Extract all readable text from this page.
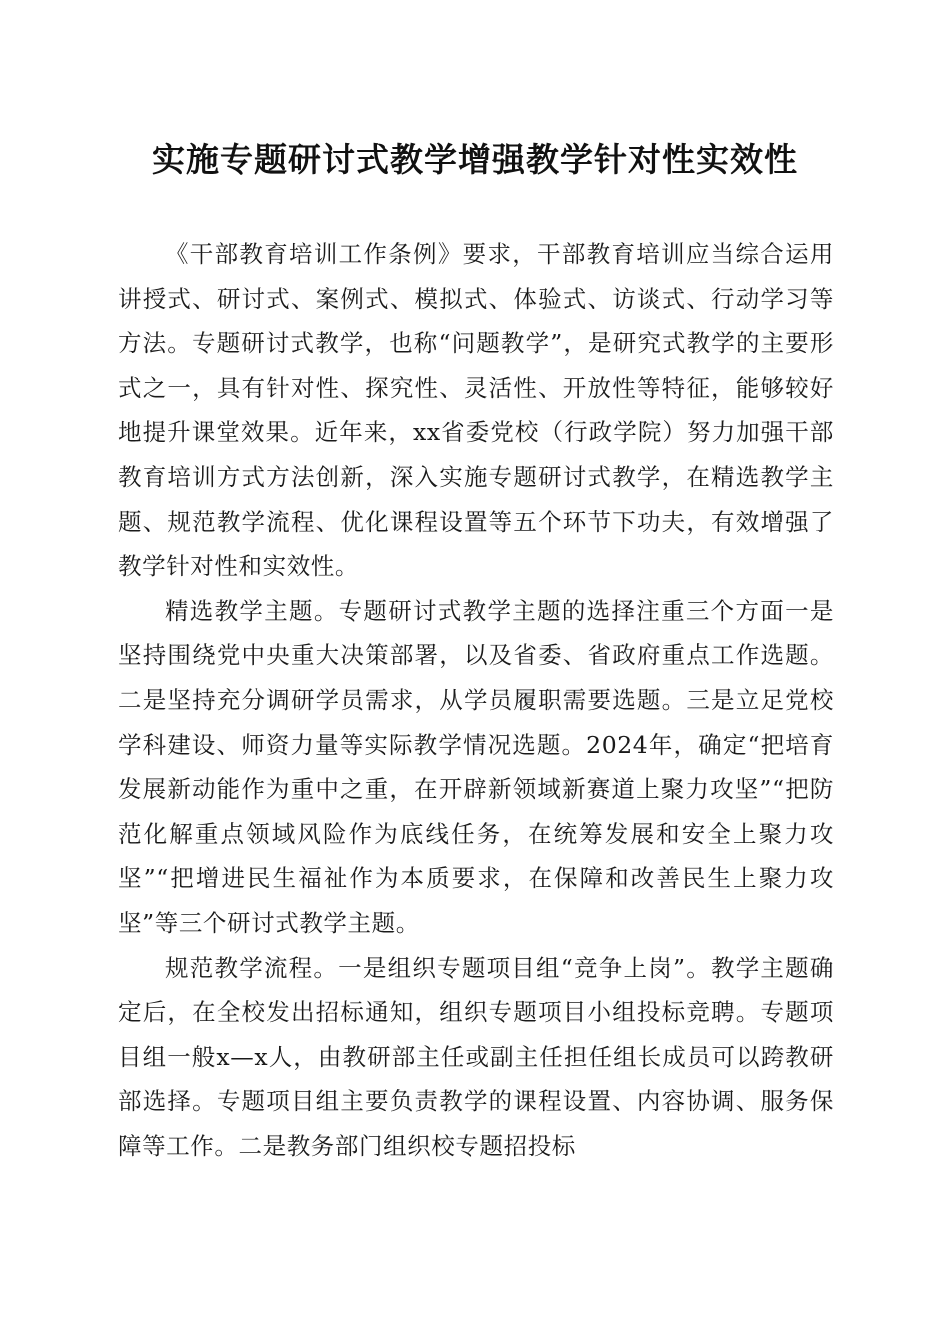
实施专题研讨式教学增强教学针对性实效性

《干部教育培训工作条例》要求，干部教育培训应当综合运用讲授式、研讨式、案例式、模拟式、体验式、访谈式、行动学习等方法。专题研讨式教学，也称“问题教学”，是研究式教学的主要形式之一，具有针对性、探究性、灵活性、开放性等特征，能够较好地提升课堂效果。近年来，xx省委党校（行政学院）努力加强干部教育培训方式方法创新，深入实施专题研讨式教学，在精选教学主题、规范教学流程、优化课程设置等五个环节下功夫，有效增强了教学针对性和实效性。

精选教学主题。专题研讨式教学主题的选择注重三个方面一是坚持围绕党中央重大决策部署，以及省委、省政府重点工作选题。二是坚持充分调研学员需求，从学员履职需要选题。三是立足党校学科建设、师资力量等实际教学情况选题。2024年，确定“把培育发展新动能作为重中之重，在开辟新领域新赛道上聚力攻坚”“把防范化解重点领域风险作为底线任务，在统筹发展和安全上聚力攻坚”“把增进民生福祉作为本质要求，在保障和改善民生上聚力攻坚”等三个研讨式教学主题。

规范教学流程。一是组织专题项目组“竞争上岗”。教学主题确定后，在全校发出招标通知，组织专题项目小组投标竞聘。专题项目组一般x—x人，由教研部主任或副主任担任组长成员可以跨教研部选择。专题项目组主要负责教学的课程设置、内容协调、服务保障等工作。二是教务部门组织校专题招投标
